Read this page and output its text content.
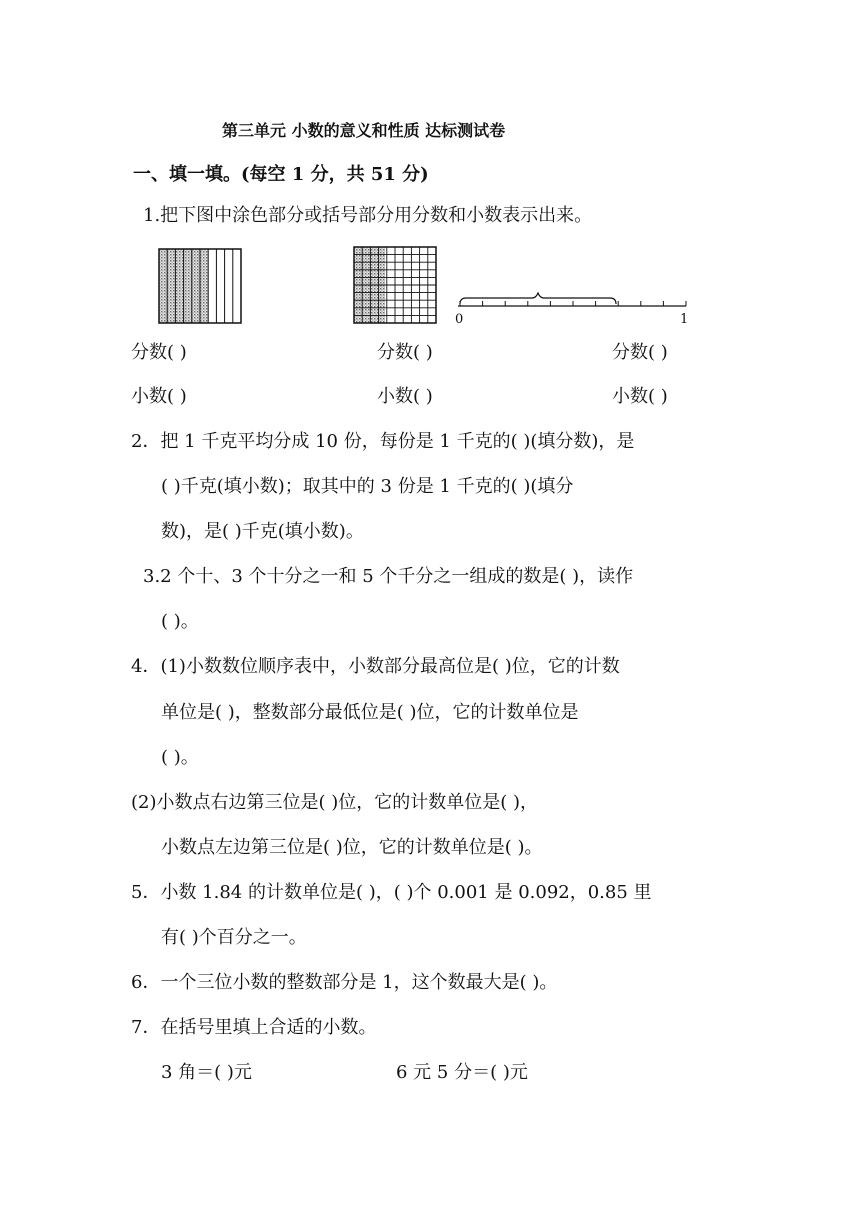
第三单元 小数的意义和性质 达标测试卷
一、填一填。(每空 1 分，共 51 分)
1.把下图中涂色部分或括号部分用分数和小数表示出来。
0	1
分数( )	分数( )	分数( )
小数( )	小数( )	小数( )
2．把 1 千克平均分成 10 份，每份是 1 千克的( )(填分数)，是
( )千克(填小数)；取其中的 3 份是 1 千克的( )(填分
数)，是( )千克(填小数)。
3.2 个十、3 个十分之一和 5 个千分之一组成的数是( )，读作
( )。
4．(1)小数数位顺序表中，小数部分最高位是( )位，它的计数
单位是( )，整数部分最低位是( )位，它的计数单位是
( )。
(2)小数点右边第三位是( )位，它的计数单位是( )，
小数点左边第三位是( )位，它的计数单位是( )。
5．小数 1.84 的计数单位是( )，( )个 0.001 是 0.092，0.85 里
有( )个百分之一。
6．一个三位小数的整数部分是 1，这个数最大是( )。
7．在括号里填上合适的小数。
3 角＝( )元	6 元 5 分＝( )元
